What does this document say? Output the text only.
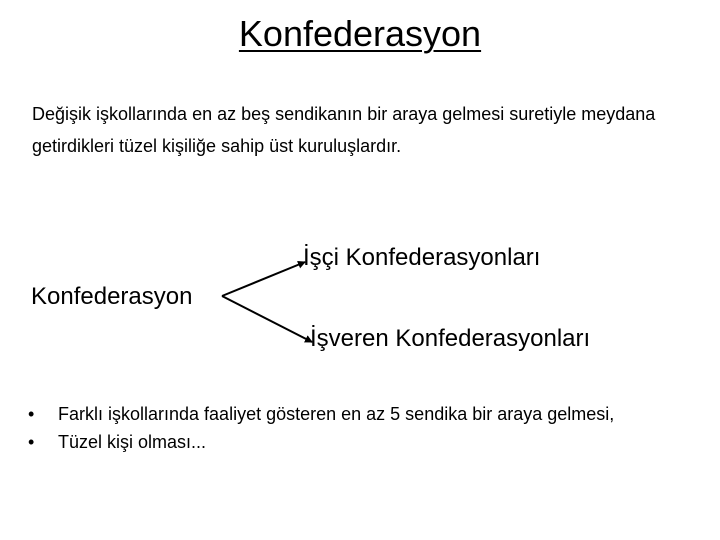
Konfederasyon
Değişik işkollarında en az beş sendikanın bir araya gelmesi suretiyle meydana getirdikleri tüzel kişiliğe sahip üst kuruluşlardır.
Konfederasyon
İşçi Konfederasyonları
İşveren Konfederasyonları
• Farklı işkollarında faaliyet gösteren en az 5 sendika bir araya gelmesi,
• Tüzel kişi olması...
